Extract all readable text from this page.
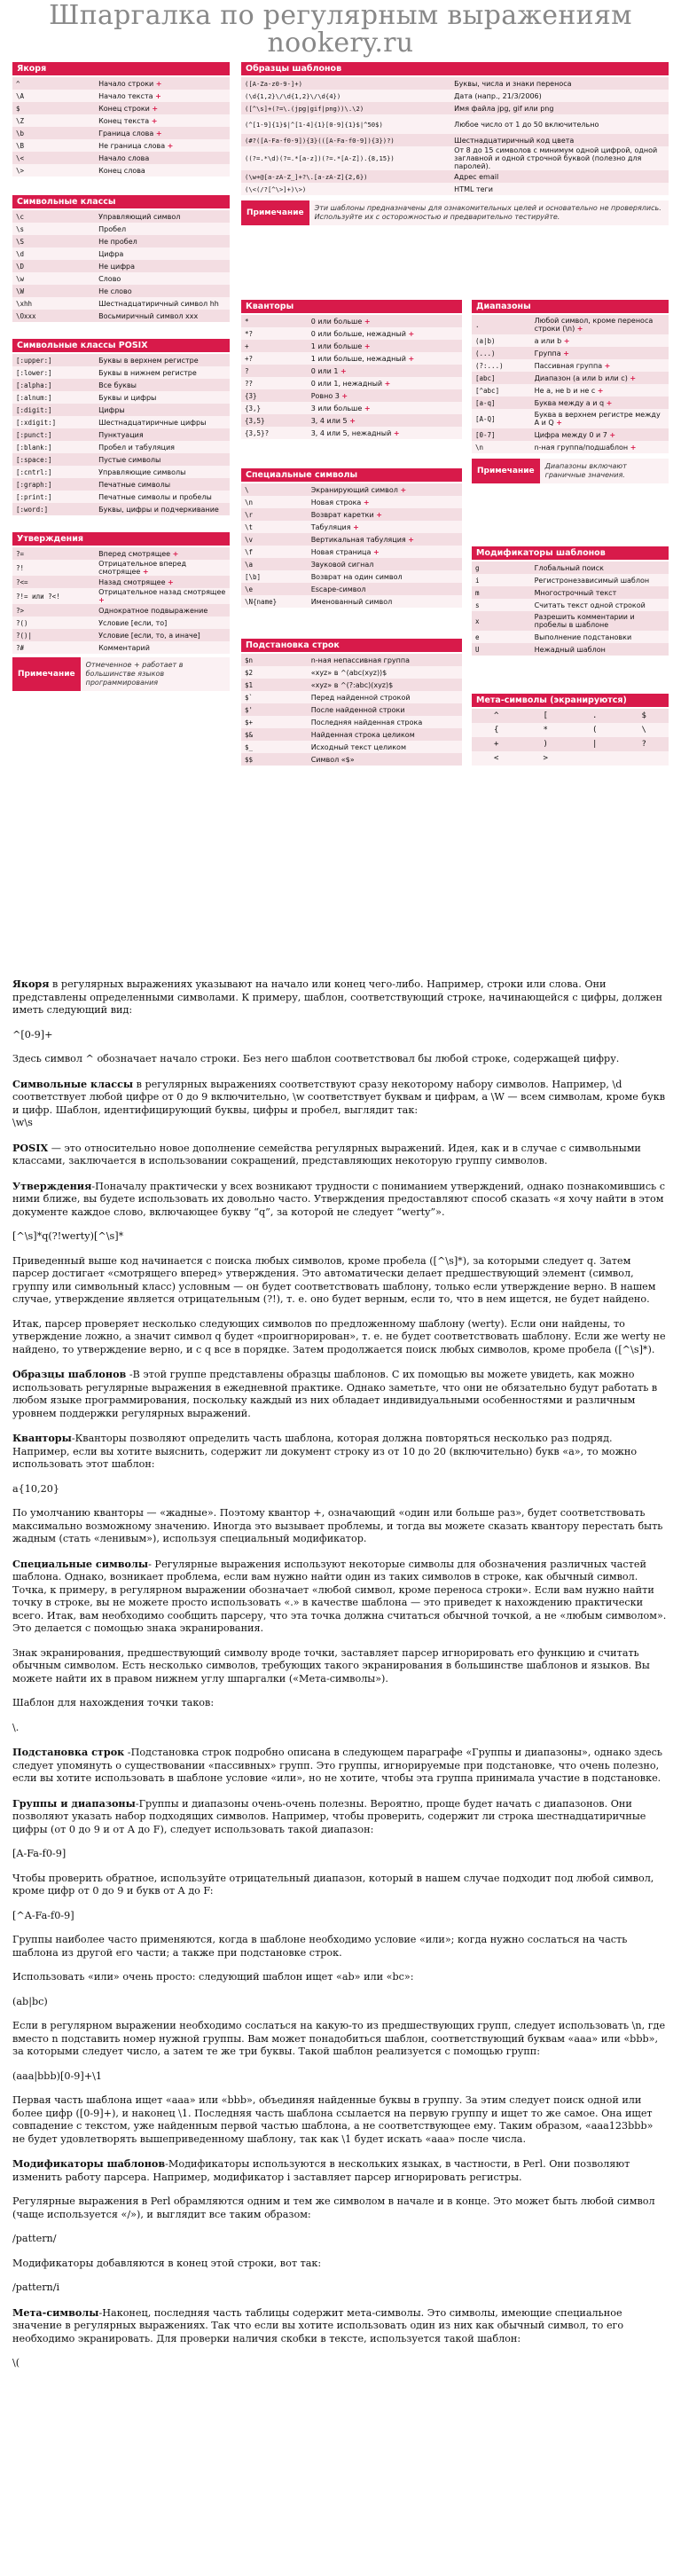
Шпаргалка по регулярным выражениям nookery.ru
Якоря
^	Начало строки +
\A	Начало текста +
$	Конец строки +
\Z	Конец текста +
\b	Граница слова +
\B	Не граница слова +
\<	Начало слова
\>	Конец слова
Символьные классы
\c	Управляющий символ
\s	Пробел
\S	Не пробел
\d	Цифра
\D	Не цифра
\w	Слово
\W	Не слово
\xhh	Шестнадцатиричный символ hh
\Oxxx	Восьмиричный символ xxx
Символьные классы POSIX
[:upper:]	Буквы в верхнем регистре
[:lower:]	Буквы в нижнем регистре
[:alpha:]	Все буквы
[:alnum:]	Буквы и цифры
[:digit:]	Цифры
[:xdigit:]	Шестнадцатиричные цифры
[:punct:]	Пунктуация
[:blank:]	Пробел и табуляция
[:space:]	Пустые символы
[:cntrl:]	Управляющие символы
[:graph:]	Печатные символы
[:print:]	Печатные символы и пробелы
[:word:]	Буквы, цифры и подчеркивание
Утверждения
?=	Вперед смотрящее +
?!	Отрицательное вперед смотрящее +
?<=	Назад смотрящее +
?!= или ?<!	Отрицательное назад смотрящее +
?>	Однократное подвыражение
?()	Условие [если, то]
?()|	Условие [если, то, а иначе]
?#	Комментарий
Примечание
Отмеченное + работает в большинстве языков программирования
Образцы шаблонов
([A-Za-z0-9-]+)	Буквы, числа и знаки переноса
(\d{1,2}\/\d{1,2}\/\d{4})	Дата (напр., 21/3/2006)
([^\s]+(?=\.(jpg|gif|png))\.\2)	Имя файла jpg, gif или png
(^[1-9]{1}$|^[1-4]{1}[0-9]{1}$|^50$)	Любое число от 1 до 50 включительно
(#?([A-Fa-f0-9]){3}(([A-Fa-f0-9]){3})?)	Шестнадцатиричный код цвета
((?=.*\d)(?=.*[a-z])(?=.*[A-Z]).{8,15})	От 8 до 15 символов с минимум одной цифрой, одной заглавной и одной строчной буквой (полезно для паролей).
(\w+@[a-zA-Z_]+?\.[a-zA-Z]{2,6})	Адрес email
(\<(/?[^\>]+)\>)	HTML теги
Примечание
Эти шаблоны предназначены для ознакомительных целей и основательно не проверялись. Используйте их с осторожностью и предварительно тестируйте.
Кванторы
*	0 или больше +
*?	0 или больше, нежадный +
+	1 или больше +
+?	1 или больше, нежадный +
?	0 или 1 +
??	0 или 1, нежадный +
{3}	Ровно 3 +
{3,}	3 или больше +
{3,5}	3, 4 или 5 +
{3,5}?	3, 4 или 5, нежадный +
Специальные символы
\	Экранирующий символ +
\n	Новая строка +
\r	Возврат каретки +
\t	Табуляция +
\v	Вертикальная табуляция +
\f	Новая страница +
\a	Звуковой сигнал
[\b]	Возврат на один символ
\e	Escape-символ
\N{name}	Именованный символ
Подстановка строк
$n	n-ная непассивная группа
$2	«xyz» в ^(abc(xyz))$
$1	«xyz» в ^(?:abc)(xyz)$
$`	Перед найденной строкой
$'	После найденной строки
$+	Последняя найденная строка
$&	Найденная строка целиком
$_	Исходный текст целиком
$$	Символ «$»
Диапазоны
.	Любой символ, кроме переноса строки (\n) +
(a|b)	a или b +
(...)	Группа +
(?:...)	Пассивная группа +
[abc]	Диапазон (a или b или c) +
[^abc]	Не a, не b и не c +
[a-q]	Буква между a и q +
[A-Q]	Буква в верхнем регистре между A и Q +
[0-7]	Цифра между 0 и 7 +
\n	n-ная группа/подшаблон +
Примечание
Диапазоны включают граничные значения.
Модификаторы шаблонов
g	Глобальный поиск
i	Регистронезависимый шаблон
m	Многострочный текст
s	Считать текст одной строкой
x	Разрешить комментарии и пробелы в шаблоне
e	Выполнение подстановки
U	Нежадный шаблон
Мета-символы (экранируются)
^	[	.	$
{	*	(	\
+	)	|	?
<	>		

Якоря в регулярных выражениях указывают на начало или конец чего-либо. Например, строки или слова. Они представлены определенными символами. К примеру, шаблон, соответствующий строке, начинающейся с цифры, должен иметь следующий вид:

^[0-9]+

Здесь символ ^ обозначает начало строки. Без него шаблон соответствовал бы любой строке, содержащей цифру.

Символьные классы в регулярных выражениях соответствуют сразу некоторому набору символов. Например, \d соответствует любой цифре от 0 до 9 включительно, \w соответствует буквам и цифрам, а \W — всем символам, кроме букв и цифр. Шаблон, идентифицирующий буквы, цифры и пробел, выглядит так:
\w\s

POSIX — это относительно новое дополнение семейства регулярных выражений. Идея, как и в случае с символьными классами, заключается в использовании сокращений, представляющих некоторую группу символов.

Утверждения-Поначалу практически у всех возникают трудности с пониманием утверждений, однако познакомившись с ними ближе, вы будете использовать их довольно часто. Утверждения предоставляют способ сказать «я хочу найти в этом документе каждое слово, включающее букву “q”, за которой не следует “werty”».

[^\s]*q(?!werty)[^\s]*

Приведенный выше код начинается с поиска любых символов, кроме пробела ([^\s]*), за которыми следует q. Затем парсер достигает «смотрящего вперед» утверждения. Это автоматически делает предшествующий элемент (символ, группу или символьный класс) условным — он будет соответствовать шаблону, только если утверждение верно. В нашем случае, утверждение является отрицательным (?!), т. е. оно будет верным, если то, что в нем ищется, не будет найдено.

Итак, парсер проверяет несколько следующих символов по предложенному шаблону (werty). Если они найдены, то утверждение ложно, а значит символ q будет «проигнорирован», т. е. не будет соответствовать шаблону. Если же werty не найдено, то утверждение верно, и с q все в порядке. Затем продолжается поиск любых символов, кроме пробела ([^\s]*).

Образцы шаблонов -В этой группе представлены образцы шаблонов. С их помощью вы можете увидеть, как можно использовать регулярные выражения в ежедневной практике. Однако заметьте, что они не обязательно будут работать в любом языке программирования, поскольку каждый из них обладает индивидуальными особенностями и различным уровнем поддержки регулярных выражений.

Кванторы-Кванторы позволяют определить часть шаблона, которая должна повторяться несколько раз подряд. Например, если вы хотите выяснить, содержит ли документ строку из от 10 до 20 (включительно) букв «а», то можно использовать этот шаблон:

a{10,20}

По умолчанию кванторы — «жадные». Поэтому квантор +, означающий «один или больше раз», будет соответствовать максимально возможному значению. Иногда это вызывает проблемы, и тогда вы можете сказать квантору перестать быть жадным (стать «ленивым»), используя специальный модификатор.

Специальные символы- Регулярные выражения используют некоторые символы для обозначения различных частей шаблона. Однако, возникает проблема, если вам нужно найти один из таких символов в строке, как обычный символ. Точка, к примеру, в регулярном выражении обозначает «любой символ, кроме переноса строки». Если вам нужно найти точку в строке, вы не можете просто использовать «.» в качестве шаблона — это приведет к нахождению практически всего. Итак, вам необходимо сообщить парсеру, что эта точка должна считаться обычной точкой, а не «любым символом». Это делается с помощью знака экранирования.

Знак экранирования, предшествующий символу вроде точки, заставляет парсер игнорировать его функцию и считать обычным символом. Есть несколько символов, требующих такого экранирования в большинстве шаблонов и языков. Вы можете найти их в правом нижнем углу шпаргалки («Мета-символы»).

Шаблон для нахождения точки таков:

\.

Подстановка строк -Подстановка строк подробно описана в следующем параграфе «Группы и диапазоны», однако здесь следует упомянуть о существовании «пассивных» групп. Это группы, игнорируемые при подстановке, что очень полезно, если вы хотите использовать в шаблоне условие «или», но не хотите, чтобы эта группа принимала участие в подстановке.

Группы и диапазоны-Группы и диапазоны очень-очень полезны. Вероятно, проще будет начать с диапазонов. Они позволяют указать набор подходящих символов. Например, чтобы проверить, содержит ли строка шестнадцатиричные цифры (от 0 до 9 и от A до F), следует использовать такой диапазон:

[A-Fa-f0-9]

Чтобы проверить обратное, используйте отрицательный диапазон, который в нашем случае подходит под любой символ, кроме цифр от 0 до 9 и букв от A до F:

[^A-Fa-f0-9]

Группы наиболее часто применяются, когда в шаблоне необходимо условие «или»; когда нужно сослаться на часть шаблона из другой его части; а также при подстановке строк.

Использовать «или» очень просто: следующий шаблон ищет «ab» или «bc»:

(ab|bc)

Если в регулярном выражении необходимо сослаться на какую-то из предшествующих групп, следует использовать \n, где вместо n подставить номер нужной группы. Вам может понадобиться шаблон, соответствующий буквам «aaa» или «bbb», за которыми следует число, а затем те же три буквы. Такой шаблон реализуется с помощью групп:

(aaa|bbb)[0-9]+\1

Первая часть шаблона ищет «aaa» или «bbb», объединяя найденные буквы в группу. За этим следует поиск одной или более цифр ([0-9]+), и наконец \1. Последняя часть шаблона ссылается на первую группу и ищет то же самое. Она ищет совпадение с текстом, уже найденным первой частью шаблона, а не соответствующее ему. Таким образом, «aaa123bbb» не будет удовлетворять вышеприведенному шаблону, так как \1 будет искать «aaa» после числа.

Модификаторы шаблонов-Модификаторы используются в нескольких языках, в частности, в Perl. Они позволяют изменить работу парсера. Например, модификатор i заставляет парсер игнорировать регистры.

Регулярные выражения в Perl обрамляются одним и тем же символом в начале и в конце. Это может быть любой символ (чаще используется «/»), и выглядит все таким образом:

/pattern/

Модификаторы добавляются в конец этой строки, вот так:

/pattern/i

Мета-символы-Наконец, последняя часть таблицы содержит мета-символы. Это символы, имеющие специальное значение в регулярных выражениях. Так что если вы хотите использовать один из них как обычный символ, то его необходимо экранировать. Для проверки наличия скобки в тексте, используется такой шаблон:

\(
